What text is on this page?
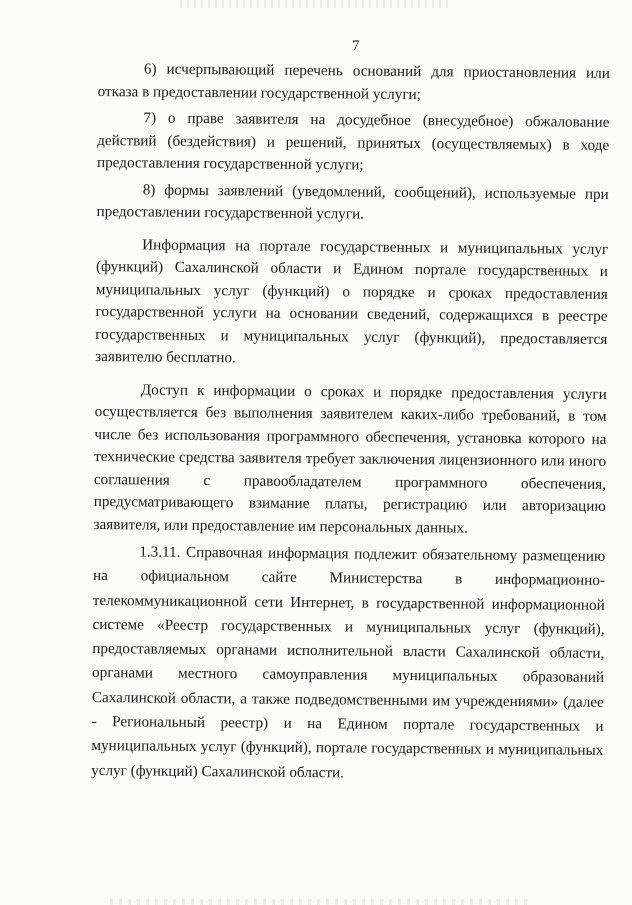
7

6) исчерпывающий перечень оснований для приостановления или отказа в предоставлении государственной услуги;

7) о праве заявителя на досудебное (внесудебное) обжалование действий (бездействия) и решений, принятых (осуществляемых) в ходе предоставления государственной услуги;

8) формы заявлений (уведомлений, сообщений), используемые при предоставлении государственной услуги.

Информация на портале государственных и муниципальных услуг (функций) Сахалинской области и Едином портале государственных и муниципальных услуг (функций) о порядке и сроках предоставления государственной услуги на основании сведений, содержащихся в реестре государственных и муниципальных услуг (функций), предоставляется заявителю бесплатно.

Доступ к информации о сроках и порядке предоставления услуги осуществляется без выполнения заявителем каких-либо требований, в том числе без использования программного обеспечения, установка которого на технические средства заявителя требует заключения лицензионного или иного соглашения с правообладателем программного обеспечения, предусматривающего взимание платы, регистрацию или авторизацию заявителя, или предоставление им персональных данных.

1.3.11. Справочная информация подлежит обязательному размещению на официальном сайте Министерства в информационно-телекоммуникационной сети Интернет, в государственной информационной системе «Реестр государственных и муниципальных услуг (функций), предоставляемых органами исполнительной власти Сахалинской области, органами местного самоуправления муниципальных образований Сахалинской области, а также подведомственными им учреждениями» (далее - Региональный реестр) и на Едином портале государственных и муниципальных услуг (функций), портале государственных и муниципальных услуг (функций) Сахалинской области.
